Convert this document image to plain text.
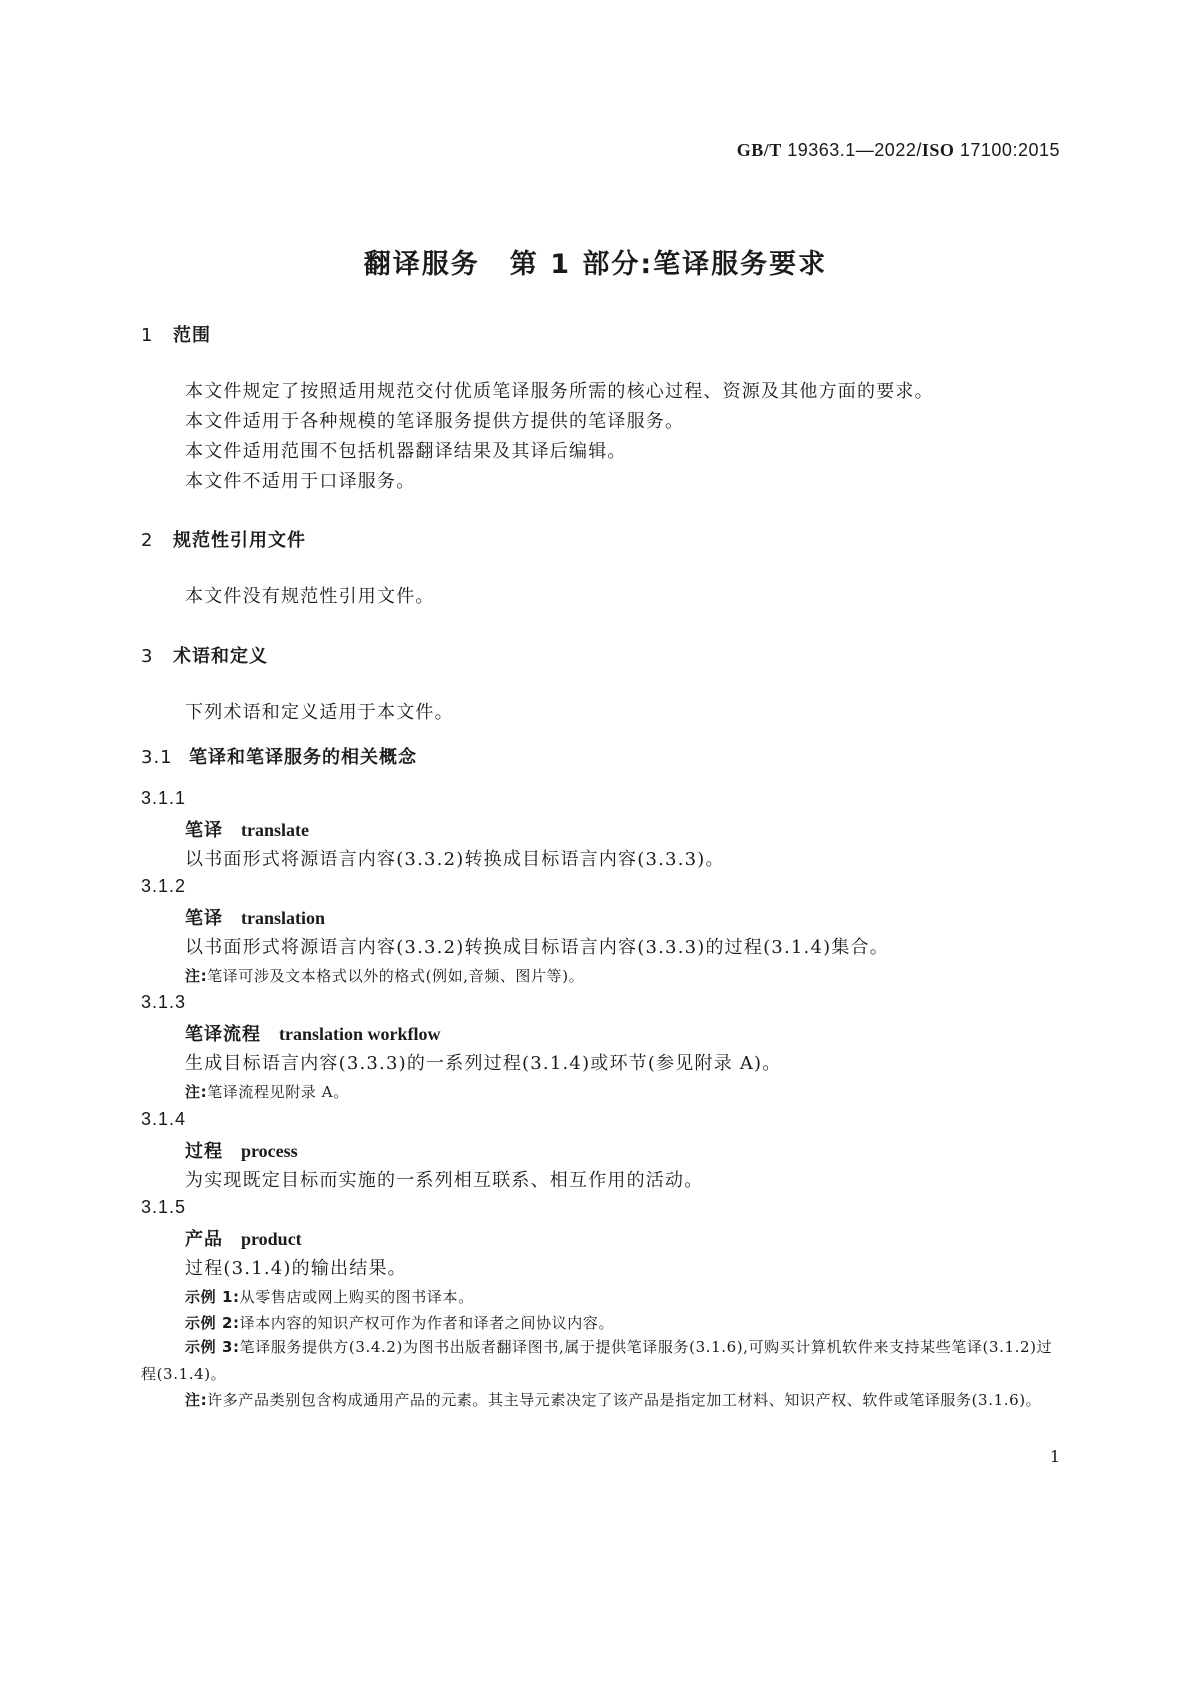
GB/T 19363.1—2022/ISO 17100:2015
翻译服务 第 1 部分:笔译服务要求
1 范围
本文件规定了按照适用规范交付优质笔译服务所需的核心过程、资源及其他方面的要求。
本文件适用于各种规模的笔译服务提供方提供的笔译服务。
本文件适用范围不包括机器翻译结果及其译后编辑。
本文件不适用于口译服务。
2 规范性引用文件
本文件没有规范性引用文件。
3 术语和定义
下列术语和定义适用于本文件。
3.1 笔译和笔译服务的相关概念
3.1.1
笔译 translate
以书面形式将源语言内容(3.3.2)转换成目标语言内容(3.3.3)。
3.1.2
笔译 translation
以书面形式将源语言内容(3.3.2)转换成目标语言内容(3.3.3)的过程(3.1.4)集合。
注:笔译可涉及文本格式以外的格式(例如,音频、图片等)。
3.1.3
笔译流程 translation workflow
生成目标语言内容(3.3.3)的一系列过程(3.1.4)或环节(参见附录 A)。
注:笔译流程见附录 A。
3.1.4
过程 process
为实现既定目标而实施的一系列相互联系、相互作用的活动。
3.1.5
产品 product
过程(3.1.4)的输出结果。
示例 1:从零售店或网上购买的图书译本。
示例 2:译本内容的知识产权可作为作者和译者之间协议内容。
示例 3:笔译服务提供方(3.4.2)为图书出版者翻译图书,属于提供笔译服务(3.1.6),可购买计算机软件来支持某些笔译(3.1.2)过程(3.1.4)。
注:许多产品类别包含构成通用产品的元素。其主导元素决定了该产品是指定加工材料、知识产权、软件或笔译服务(3.1.6)。
1
